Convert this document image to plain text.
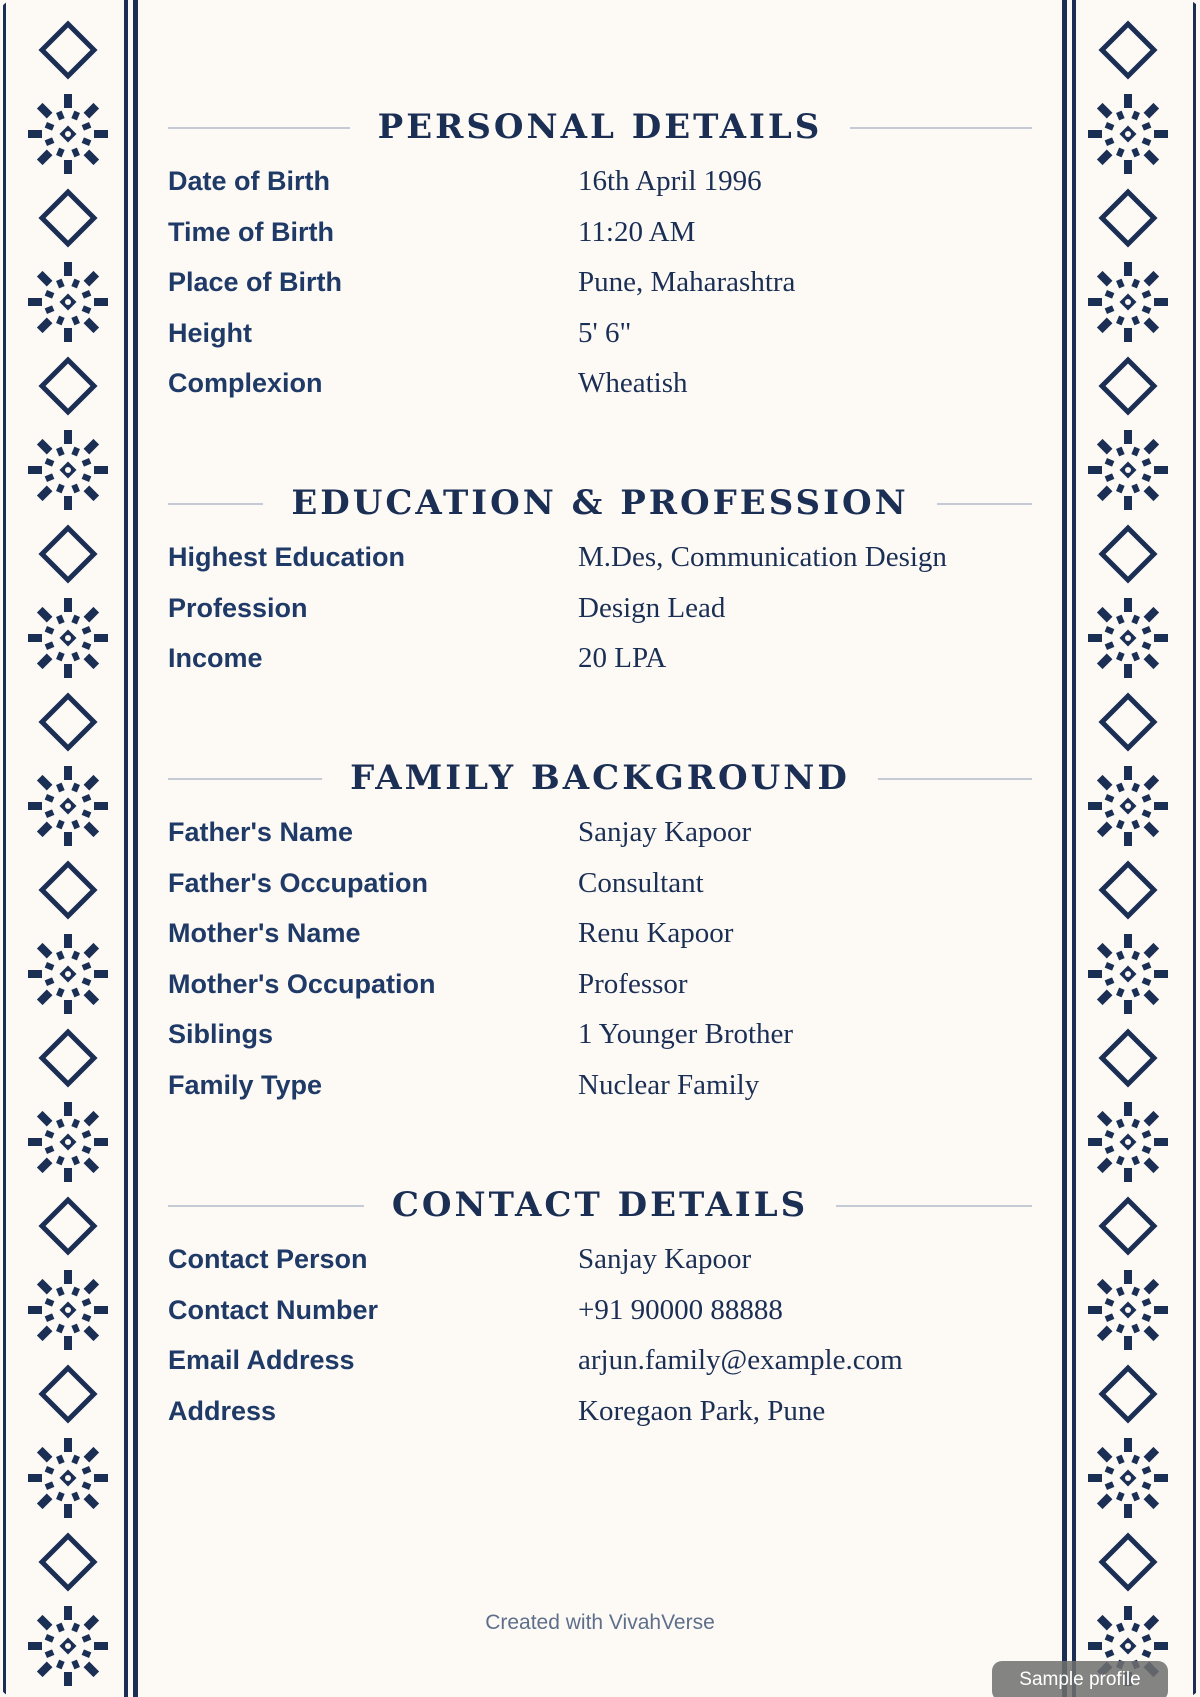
PERSONAL DETAILS
Date of Birth	16th April 1996
Time of Birth	11:20 AM
Place of Birth	Pune, Maharashtra
Height	5' 6"
Complexion	Wheatish
EDUCATION & PROFESSION
Highest Education	M.Des, Communication Design
Profession	Design Lead
Income	20 LPA
FAMILY BACKGROUND
Father's Name	Sanjay Kapoor
Father's Occupation	Consultant
Mother's Name	Renu Kapoor
Mother's Occupation	Professor
Siblings	1 Younger Brother
Family Type	Nuclear Family
CONTACT DETAILS
Contact Person	Sanjay Kapoor
Contact Number	+91 90000 88888
Email Address	arjun.family@example.com
Address	Koregaon Park, Pune
Created with VivahVerse
Sample profile
